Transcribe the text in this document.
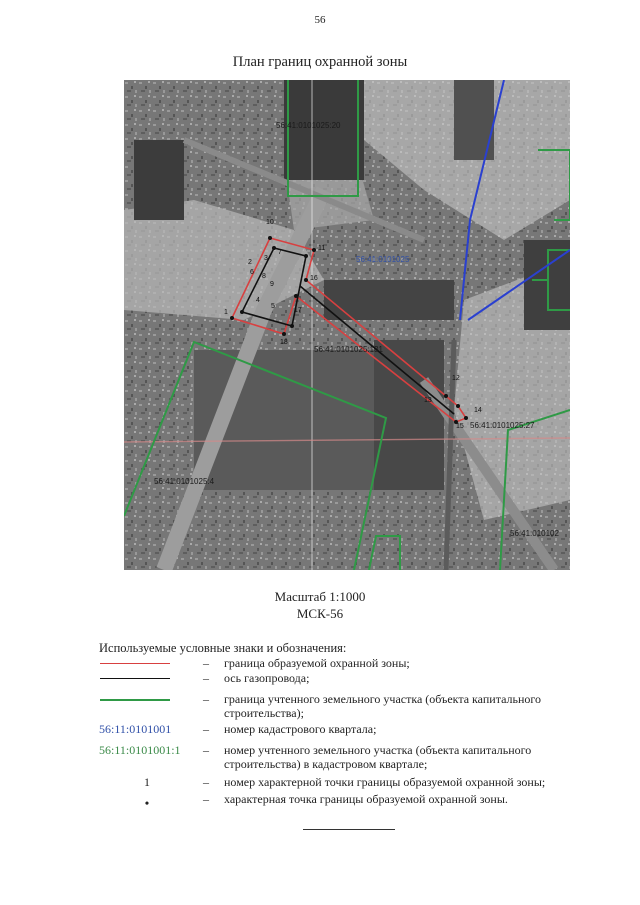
56
План границ охранной зоны
1
2
3
4
5
6
7
8
9
10
11
12
13
14
15
16
17
18
56:41:0101025:20
56:41:0101025
56:41:0101025:131
56:41:0101025:27
56:41:0101025:4
56:41:010102
Масштаб 1:1000
МСК-56
Используемые условные знаки и обозначения:
– граница образуемой охранной зоны;
– ось газопровода;
– граница учтенного земельного участка (объекта капитального строительства);
56:11:0101001	– номер кадастрового квартала;
56:11:0101001:1	– номер учтенного земельного участка (объекта капитального строительства) в кадастровом квартале;
1	– номер характерной точки границы образуемой охранной зоны;
•	– характерная точка границы образуемой охранной зоны.
